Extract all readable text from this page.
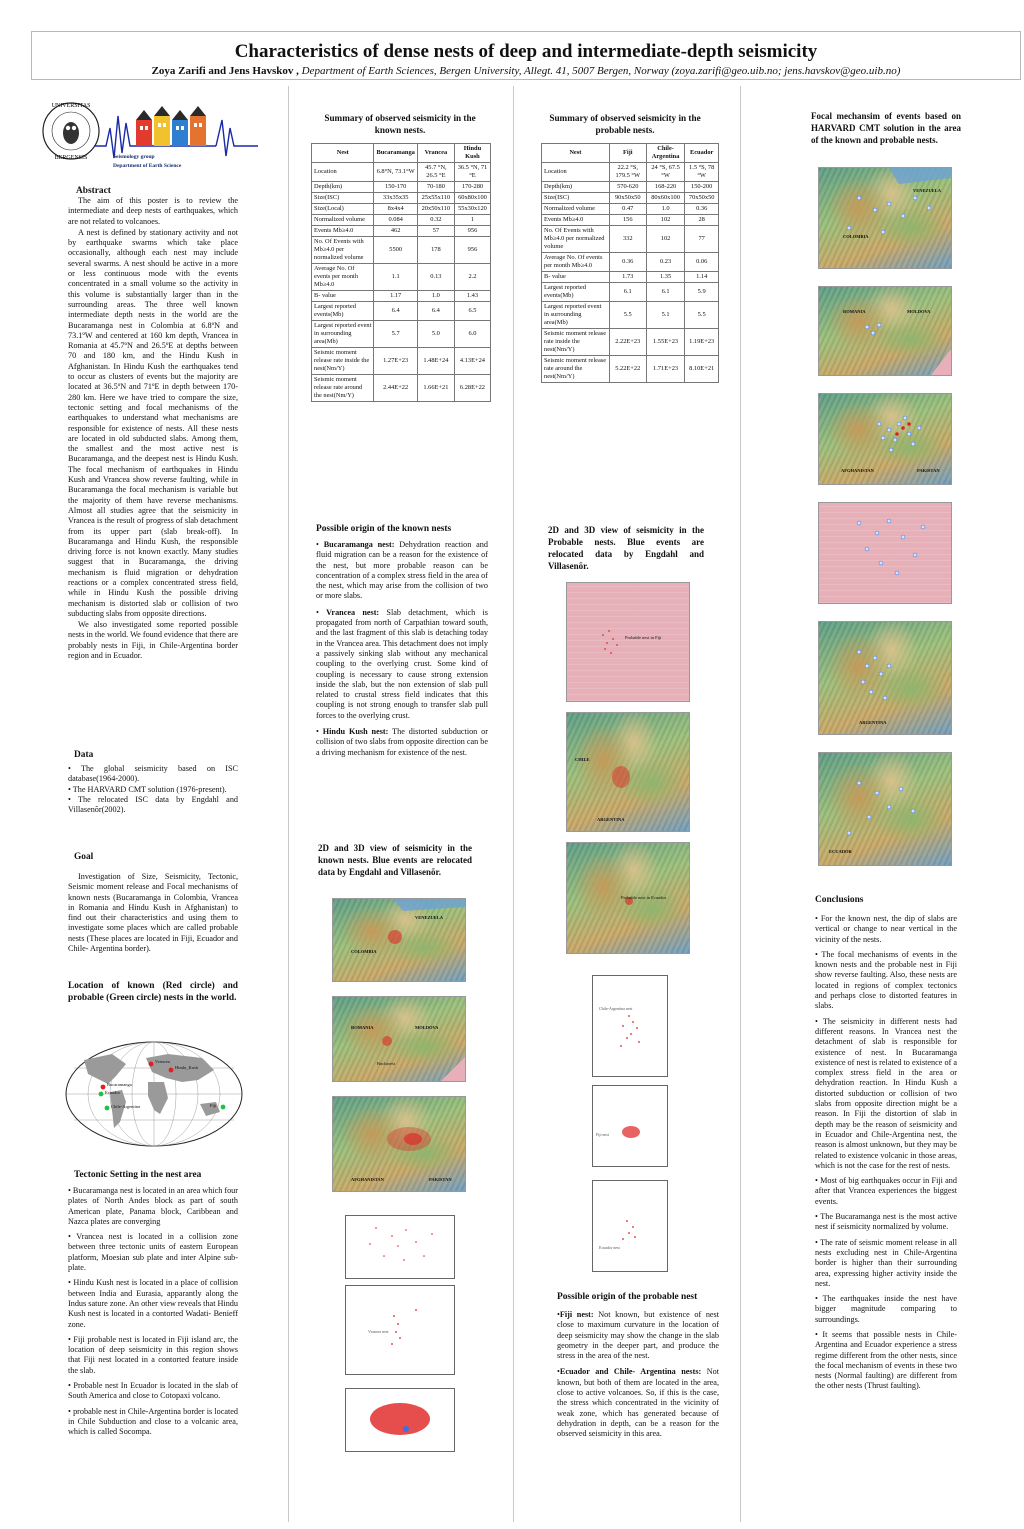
Characteristics of dense nests of deep and intermediate-depth seismicity
Zoya Zarifi and Jens Havskov , Department of Earth Sciences, Bergen University, Allegt. 41, 5007 Bergen, Norway (zoya.zarifi@geo.uib.no; jens.havskov@geo.uib.no)
UNIVERSITAS
BERGENSIS	Seismology group
Department of Earth Science
Abstract

The aim of this poster is to review the intermediate and deep nests of earthquakes, which are not related to volcanoes.

A nest is defined by stationary activity and not by earthquake swarms which take place occasionally, although each nest may include several swarms. A nest should be active in a more or less continuous mode with the events concentrated in a small volume so the activity in this volume is substantially larger than in the surrounding areas. The three well known intermediate depth nests in the world are the Bucaramanga nest in Colombia at 6.8ºN and 73.1ºW and centered at 160 km depth, Vrancea in Romania at 45.7ºN and 26.5ºE at depths between 70 and 180 km, and the Hindu Kush in Afghanistan. In Hindu Kush the earthquakes tend to occur as clusters of events but the majority are located at 36.5ºN and 71ºE in depth between 170-280 km. Here we have tried to compare the size, tectonic setting and focal mechanisms of the earthquakes to understand what mechanisms are responsible for existence of nests. All these nests are located in old subducted slabs. Among them, the smallest and the most active nest is Bucaramanga, and the deepest nest is Hindu Kush. The focal mechanism of earthquakes in Hindu Kush and Vrancea show reverse faulting, while in Bucaramanga the focal mechanism is variable but the majority of them have reverse mechanisms. Almost all studies agree that the seismicity in Vrancea is the result of progress of slab detachment from its upper part (slab break-off). In Bucaramanga and Hindu Kush, the responsible driving force is not known exactly. Many studies suggest that in Bucaramanga, the driving mechanism is fluid migration or dehydration reactions or a complex concentrated stress field, while in Hindu Kush the possible driving mechanism is distorted slab or collision of two subducting slabs from opposite directions.

We also investigated some reported possible nests in the world. We found evidence that there are probably nests in Fiji, in Chile-Argentina border region and in Ecuador.

Data
• The global seismicity based on ISC database(1964-2000).
• The HARVARD CMT solution (1976-present).
• The relocated ISC data by Engdahl and Villasenõr(2002).
Goal

Investigation of Size, Seismicity, Tectonic, Seismic moment release and Focal mechanisms of known nests (Bucaramanga in Colombia, Vrancea in Romania and Hindu Kush in Afghanistan) to find out their characteristics and using them to investigate some places which are called probable nests (These places are located in Fiji, Ecuador and Chile- Argentina border).

Location of known (Red circle) and probable (Green circle) nests in the world.
Vrancea
Hindu_Kush
Bucaramanga
Ecuador
Chile-Argentina	Fiji
Tectonic Setting in the nest area
• Bucaramanga nest is located in an area which four plates of North Andes block as part of south American plate, Panama block, Caribbean and Nazca plates are converging
• Vrancea nest is located in a collision zone between three tectonic units of eastern European platform, Moesian sub plate and inter Alpine sub-plate.
• Hindu Kush nest is located in a place of collision between India and Eurasia, apparantly along the Indus sature zone. An other view reveals that Hindu Kush nest is located in a contorted Wadati- Benieff zone.
• Fiji probable nest is located in Fiji island arc, the location of deep seismicity in this region shows that Fiji nest located in a contorted feature inside the slab.
• Probable nest In Ecuador is located in the slab of South America and close to Cotopaxi volcano.
• probable nest in Chile-Argentina border is located in Chile Subduction and close to a volcanic area, which is called Socompa.
Summary of observed seismicity in the known nests.
Nest	Bucaramanga	Vrancea	Hindu Kush
Location	6.8°N, 73.1°W	45.7 °N, 26.5 °E	36.5 °N, 71 °E
Depth(km)	150-170	70-180	170-280
Size(ISC)	33x35x35	25x55x110	60x80x100
Size(Local)	8x4x4	20x50x110	55x30x120
Normalized volume	0.084	0.32	1
Events Mb≥4.0	462	57	956
No. Of Events with Mb≥4.0 per normalized volume	5500	178	956
Average No. Of events per month Mb≥4.0	1.1	0.13	2.2
B- value	1.17	1.0	1.43
Largest reported events(Mb)	6.4	6.4	6.5
Largest reported event in surrounding area(Mb)	5.7	5.0	6.0
Seismic moment release rate inside the nest(Nm/Y)	1.27E+23	1.48E+24	4.13E+24
Seismic moment release rate around the nest(Nm/Y)	2.44E+22	1.66E+21	6.28E+22
Possible origin of the known nests
• Bucaramanga nest: Dehydration reaction and fluid migration can be a reason for the existence of the nest, but more probable reason can be concentration of a complex stress field in the area of the nest, which may arise from the collision of two or more slabs.
• Vrancea nest: Slab detachment, which is propagated from north of Carpathian toward south, and the last fragment of this slab is detaching today in the Vrancea area. This detachment does not imply a passively sinking slab without any mechanical coupling to the overlying crust. Some kind of coupling is necessary to cause strong extension inside the slab, but the non extension of slab pull related to crustal stress field indicates that this coupling is not strong enough to transfer slab pull forces to the overlying crust.
• Hindu Kush nest: The distorted subduction or collision of two slabs from opposite direction can be a driving mechanism for existence of the nest.
2D and 3D view of seismicity in the known nests. Blue events are relocated data by Engdahl and Villasenõr.
VENEZUELA
COLOMBIA
ROMANIA	MOLDOVA
Bucharest
AFGHANISTAN	PAKISTAN
Vrancea nest
Summary of observed seismicity in the probable nests.
Nest	Fiji	Chile-Argentina	Ecuador
Location	22.2 °S, 179.5 °W	24 °S, 67.5 °W	1.5 °S, 78 °W
Depth(km)	570-620	168-220	150-200
Size(ISC)	90x50x50	80x60x100	70x50x50
Normalized volume	0.47	1.0	0.36
Events Mb≥4.0	156	102	28
No. Of Events with Mb≥4.0 per normalized volume	332	102	77
Average No. Of events per month Mb≥4.0	0.36	0.23	0.06
B- value	1.73	1.35	1.14
Largest reported events(Mb)	6.1	6.1	5.9
Largest reported event in surrounding area(Mb)	5.5	5.1	5.5
Seismic moment release rate inside the nest(Nm/Y)	2.22E+23	1.55E+23	1.19E+23
Seismic moment release rate around the nest(Nm/Y)	5.22E+22	1.71E+23	8.10E+21
2D and 3D view of seismicity in the Probable nests. Blue events are relocated data by Engdahl and Villasenõr.
Probable nest in Fiji
ARGENTINA
CHILE
Probable nest in Ecuador
Chile-Argentina nest
Fiji nest
Ecuador nest
Possible origin of the probable nest

•Fiji nest: Not known, but existence of nest close to maximum curvature in the location of deep seismicity may show the change in the slab geometry in the deeper part, and produce the stress in the area of the nest.

•Ecuador and Chile- Argentina nests: Not known, but both of them are located in the area, close to active volcanoes. So, if this is the case, the stress which concentrated in the vicinity of weak zone, which has generated because of dehydration in depth, can be a reason for the observed seismicity in this area.

Focal mechansim of events based on HARVARD CMT solution in the area of the known and probable nests.
VENEZUELA
COLOMBIA
ROMANIA	MOLDOVA
AFGHANISTAN	PAKISTAN
ARGENTINA
ECUADOR
Conclusions
• For the known nest, the dip of slabs are vertical or change to near vertical in the vicinity of the nests.
• The focal mechanisms of events in the known nests and the probable nest in Fiji show reverse faulting. Also, these nests are located in regions of complex tectonics and perhaps close to distorted features in slabs.
• The seismicity in different nests had different reasons. In Vrancea nest the detachment of slab is responsible for existence of nest. In Bucaramanga existence of nest is related to existence of a complex stress field in the area or dehydration reaction. In Hindu Kush a distorted subduction or collision of two slabs from opposite direction might be a reason. In Fiji the distortion of slab in depth may be the reason of seismicity and in Ecuador and Chile-Argentina nest, the reason is almost unknown, but they may be related to existence volcanic in those areas, which is not the case for the rest of nests.
• Most of big earthquakes occur in Fiji and after that Vrancea experiences the biggest events.
• The Bucaramanga nest is the most active nest if seismicity normalized by volume.
• The rate of seismic moment release in all nests excluding nest in Chile-Argentina border is higher than their surrounding area, expressing higher activity inside the nest.
• The earthquakes inside the nest have bigger magnitude comparing to surroundings.
• It seems that possible nests in Chile-Argentina and Ecuador experience a stress regime different from the other nests, since the focal mechanism of events in these two nests (Normal faulting) are different from the other nests (Thrust faulting).
